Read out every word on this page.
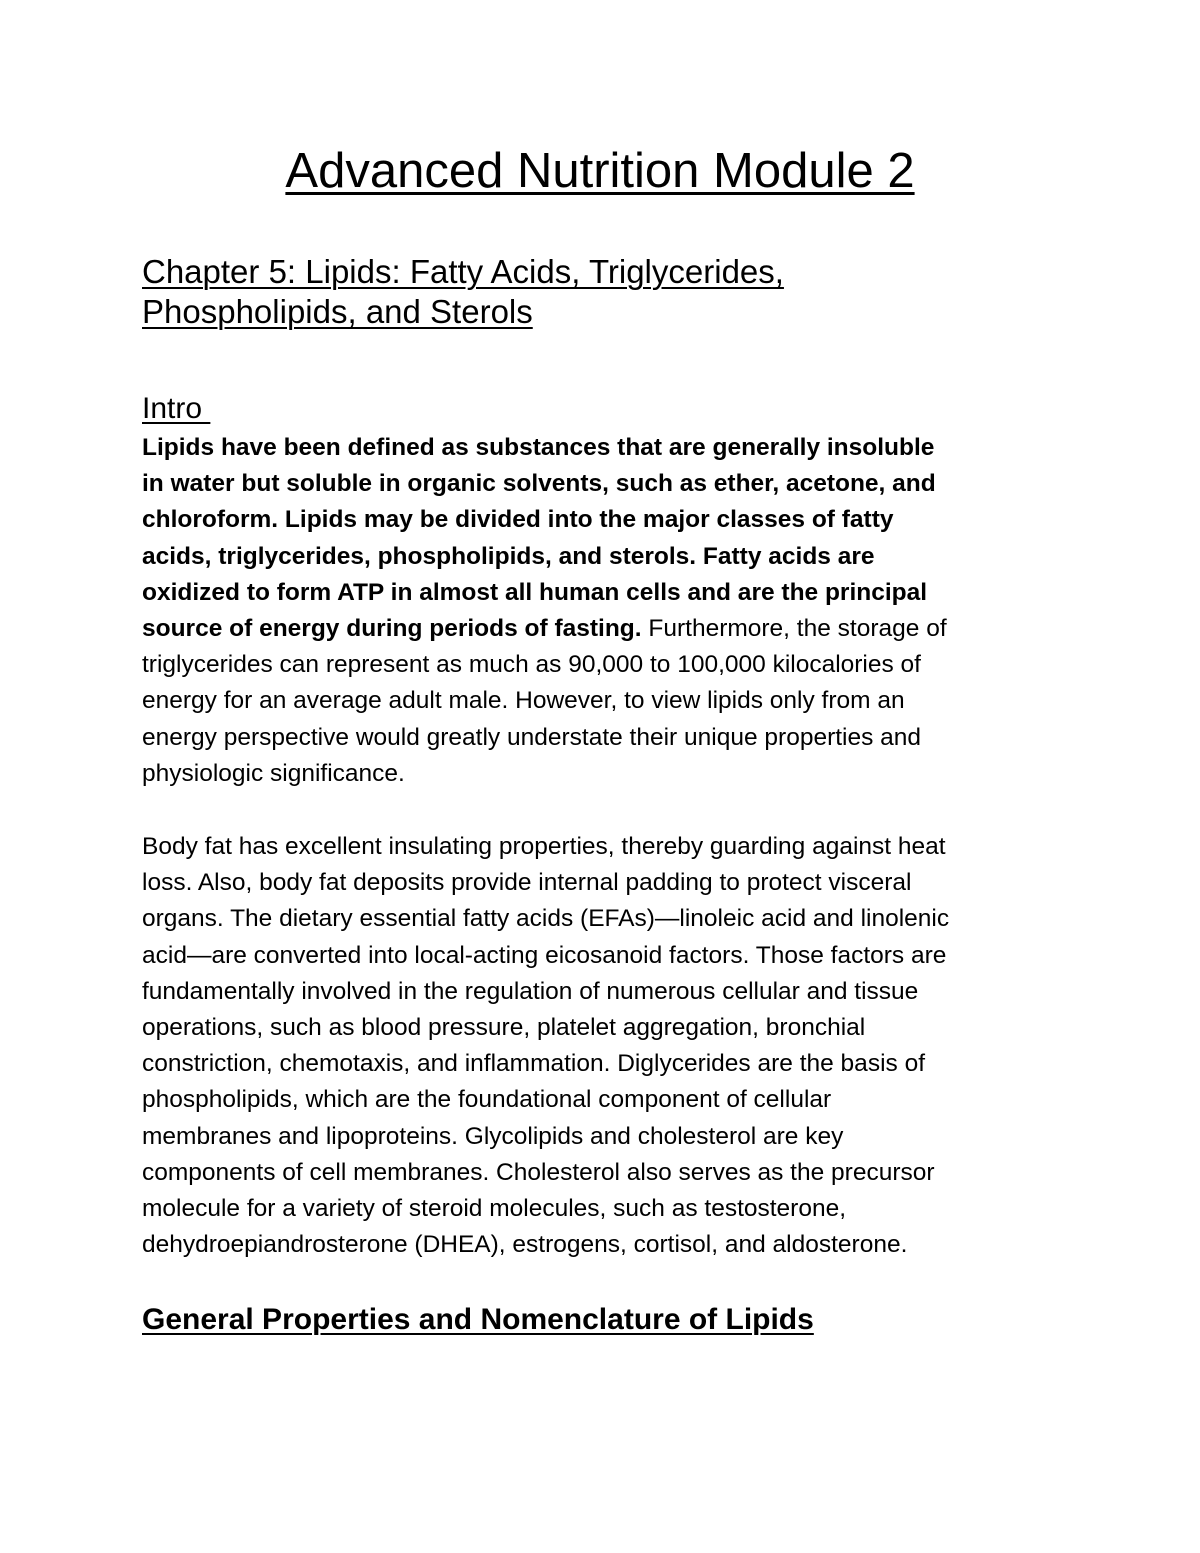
Advanced Nutrition Module 2
Chapter 5: Lipids: Fatty Acids, Triglycerides,
Phospholipids, and Sterols
Intro

Lipids have been defined as substances that are generally insoluble
in water but soluble in organic solvents, such as ether, acetone, and
chloroform. Lipids may be divided into the major classes of fatty
acids, triglycerides, phospholipids, and sterols. Fatty acids are
oxidized to form ATP in almost all human cells and are the principal
source of energy during periods of fasting. Furthermore, the storage of
triglycerides can represent as much as 90,000 to 100,000 kilocalories of
energy for an average adult male. However, to view lipids only from an
energy perspective would greatly understate their unique properties and
physiologic significance.

Body fat has excellent insulating properties, thereby guarding against heat
loss. Also, body fat deposits provide internal padding to protect visceral
organs. The dietary essential fatty acids (EFAs)—linoleic acid and linolenic
acid—are converted into local-acting eicosanoid factors. Those factors are
fundamentally involved in the regulation of numerous cellular and tissue
operations, such as blood pressure, platelet aggregation, bronchial
constriction, chemotaxis, and inflammation. Diglycerides are the basis of
phospholipids, which are the foundational component of cellular
membranes and lipoproteins. Glycolipids and cholesterol are key
components of cell membranes. Cholesterol also serves as the precursor
molecule for a variety of steroid molecules, such as testosterone,
dehydroepiandrosterone (DHEA), estrogens, cortisol, and aldosterone.

General Properties and Nomenclature of Lipids
